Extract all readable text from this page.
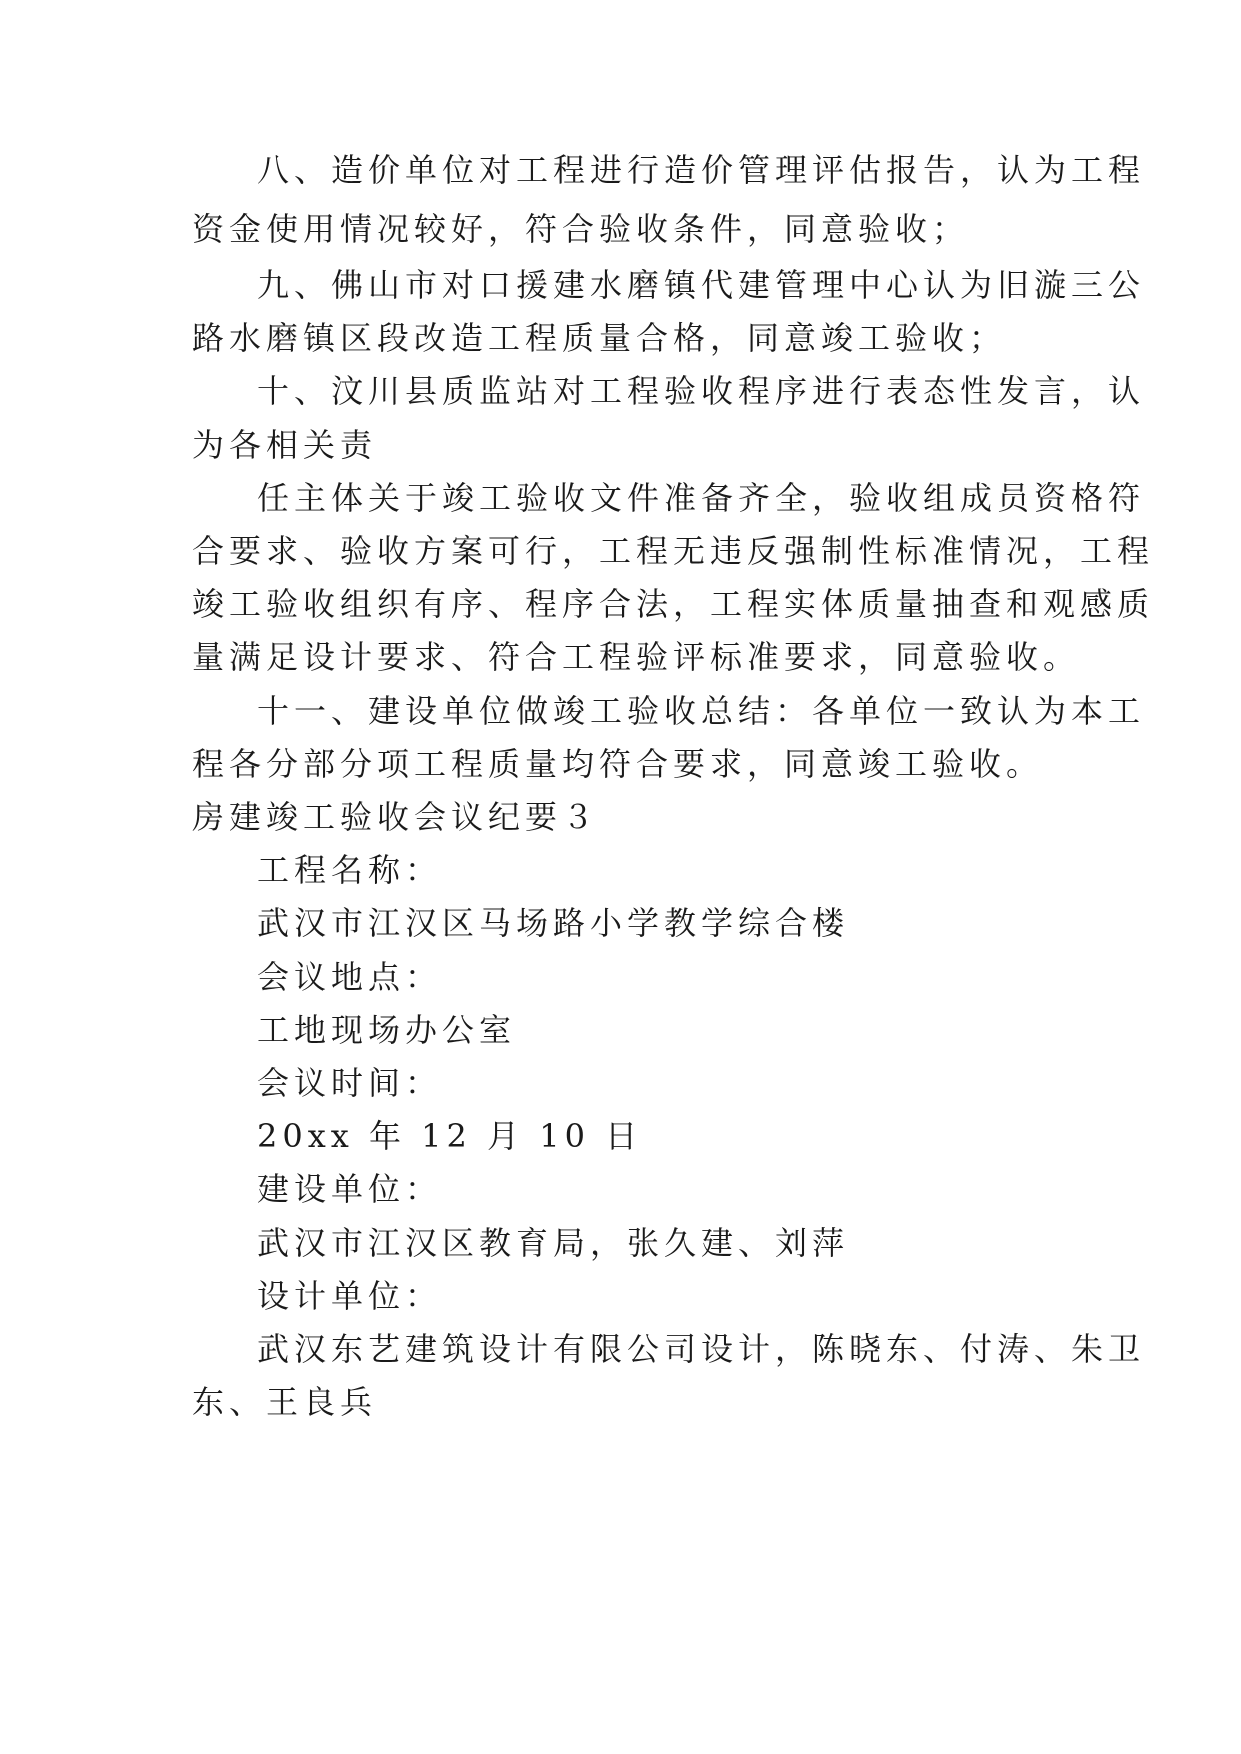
八、造价单位对工程进行造价管理评估报告，认为工程
资金使用情况较好，符合验收条件，同意验收；
九、佛山市对口援建水磨镇代建管理中心认为旧漩三公
路水磨镇区段改造工程质量合格，同意竣工验收；
十、汶川县质监站对工程验收程序进行表态性发言，认
为各相关责
任主体关于竣工验收文件准备齐全，验收组成员资格符
合要求、验收方案可行，工程无违反强制性标准情况，工程
竣工验收组织有序、程序合法，工程实体质量抽查和观感质
量满足设计要求、符合工程验评标准要求，同意验收。
十一、建设单位做竣工验收总结：各单位一致认为本工
程各分部分项工程质量均符合要求，同意竣工验收。
房建竣工验收会议纪要３
工程名称：
武汉市江汉区马场路小学教学综合楼
会议地点：
工地现场办公室
会议时间：
20xx 年 12 月 10 日
建设单位：
武汉市江汉区教育局，张久建、刘萍
设计单位：
武汉东艺建筑设计有限公司设计，陈晓东、付涛、朱卫
东、王良兵
